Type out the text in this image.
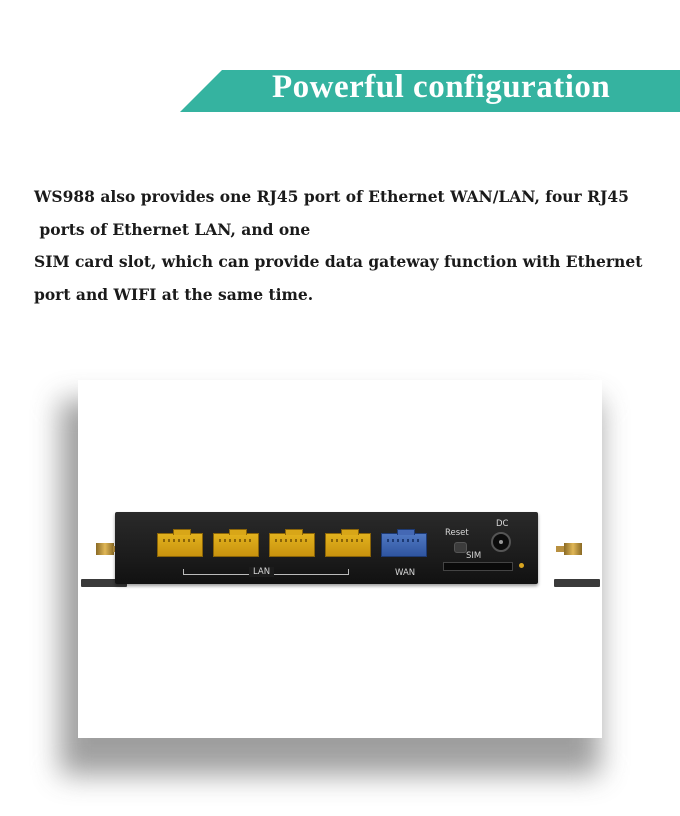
Powerful configuration
WS988 also provides one RJ45 port of Ethernet WAN/LAN, four RJ45
ports of Ethernet LAN, and one
SIM card slot, which can provide data gateway function with Ethernet
port and WIFI at the same time.
LAN	WAN
Reset
DC
SIM
